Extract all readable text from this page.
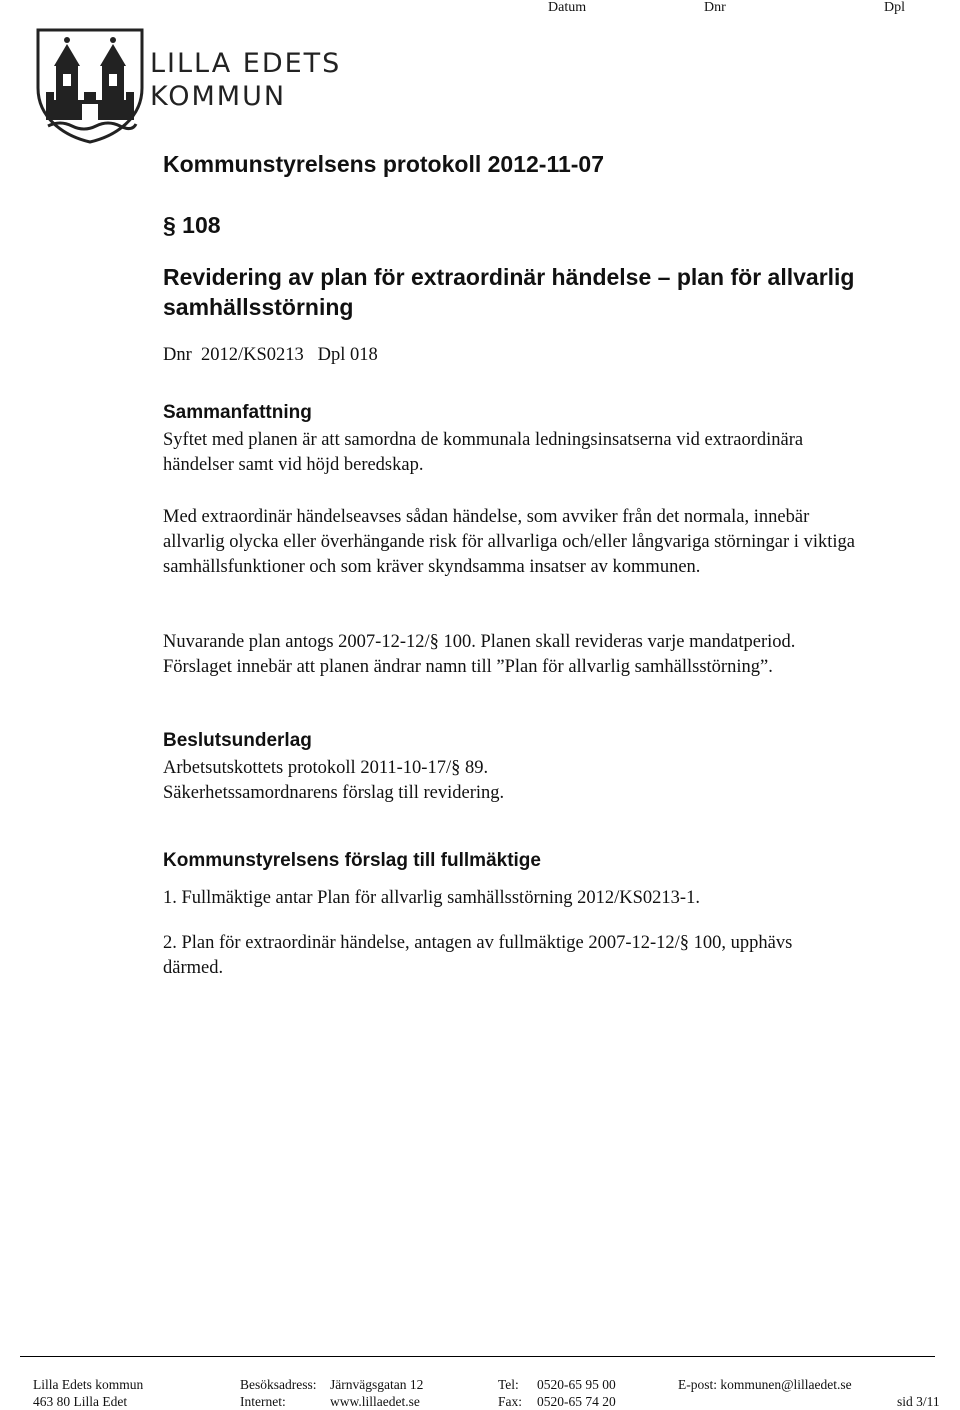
Datum	Dnr	Dpl
LILLA EDETS
KOMMUN
Kommunstyrelsens protokoll 2012-11-07
§ 108
Revidering av plan för extraordinär händelse – plan för allvarlig samhällsstörning
Dnr  2012/KS0213   Dpl 018
Sammanfattning
Syftet med planen är att samordna de kommunala ledningsinsatserna vid extraordinära händelser samt vid höjd beredskap.
Med extraordinär händelseavses sådan händelse, som avviker från det normala, innebär allvarlig olycka eller överhängande risk för allvarliga och/eller långvariga störningar i viktiga samhällsfunktioner och som kräver skyndsamma insatser av kommunen.
Nuvarande plan antogs 2007-12-12/§ 100. Planen skall revideras varje mandatperiod. Förslaget innebär att planen ändrar namn till ”Plan för allvarlig samhällsstörning”.
Beslutsunderlag
Arbetsutskottets protokoll 2011-10-17/§ 89.
Säkerhetssamordnarens förslag till revidering.
Kommunstyrelsens förslag till fullmäktige
1. Fullmäktige antar Plan för allvarlig samhällsstörning 2012/KS0213-1.
2. Plan för extraordinär händelse, antagen av fullmäktige 2007-12-12/§ 100, upphävs därmed.
Lilla Edets kommun
463 80 Lilla Edet
Besöksadress: Järnvägsgatan 12
Internet:	www.lillaedet.se
Tel: 0520-65 95 00
Fax: 0520-65 74 20
E-post: kommunen@lillaedet.se
sid 3/11
